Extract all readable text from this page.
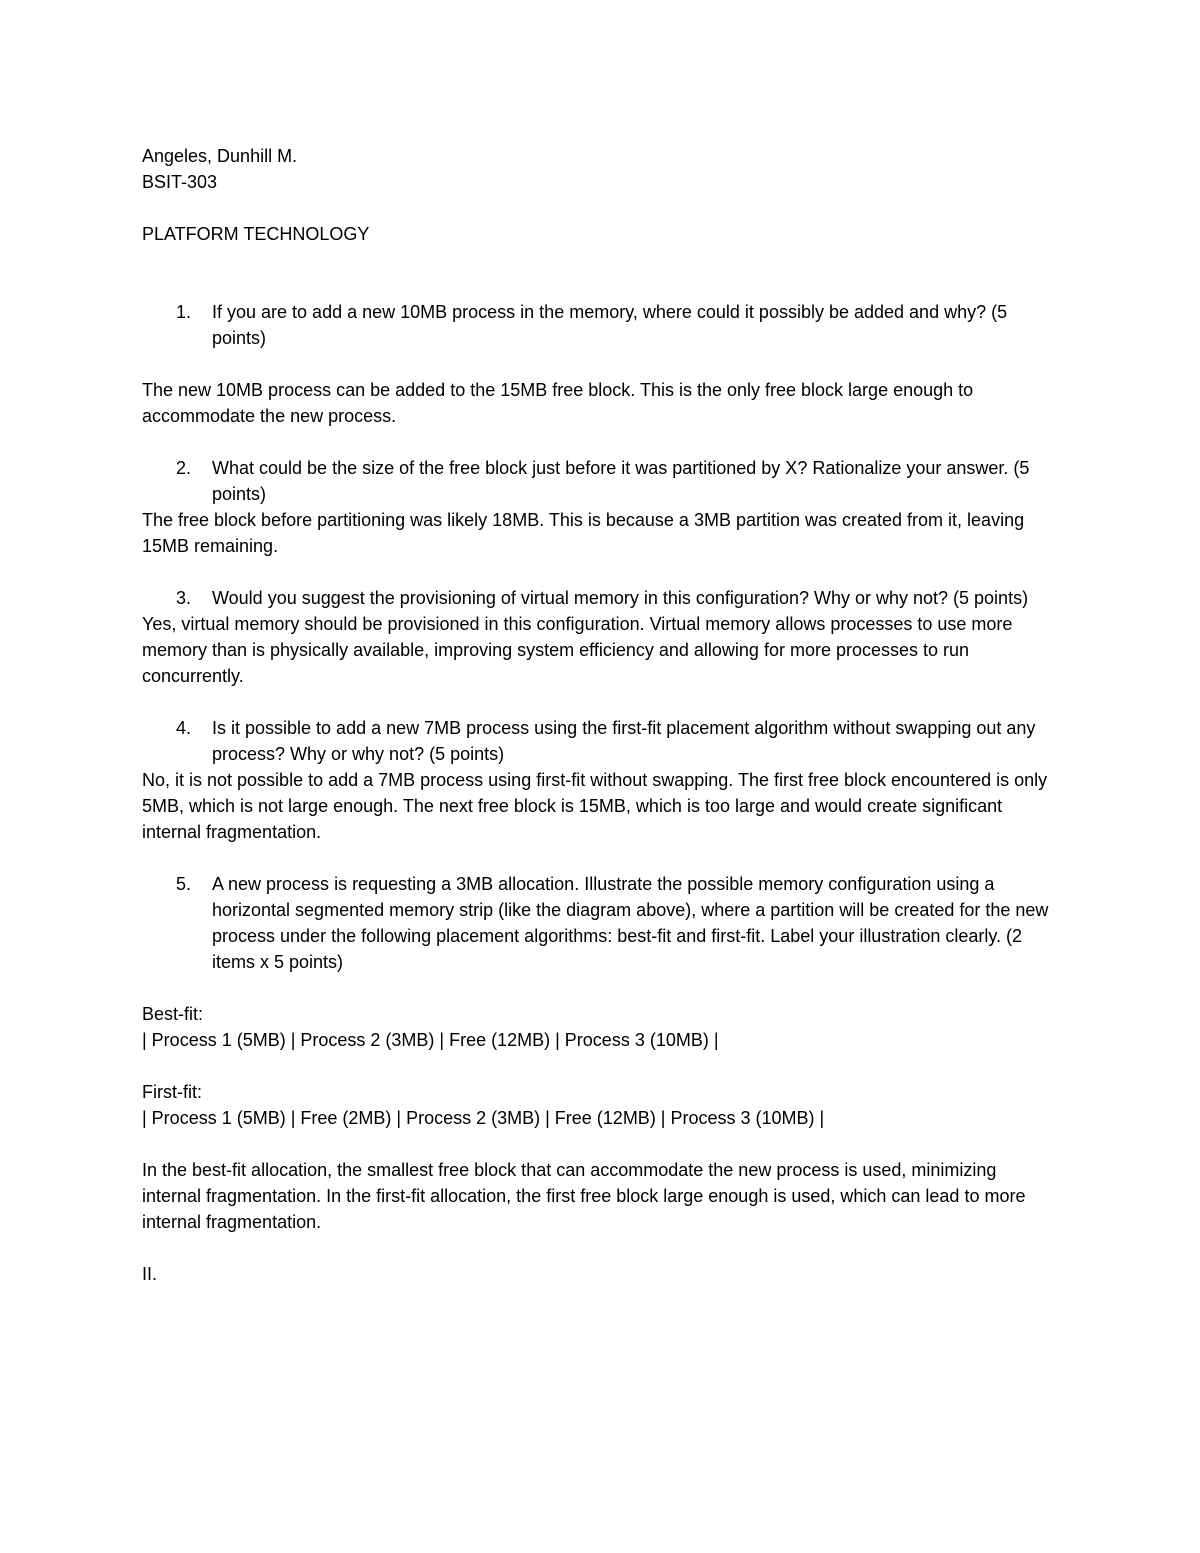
Angeles, Dunhill M.

BSIT-303

PLATFORM TECHNOLOGY

1.	If you are to add a new 10MB process in the memory, where could it possibly be added and why? (5 points)

The new 10MB process can be added to the 15MB free block. This is the only free block large enough to accommodate the new process.

2.	What could be the size of the free block just before it was partitioned by X? Rationalize your answer. (5 points)

The free block before partitioning was likely 18MB. This is because a 3MB partition was created from it, leaving 15MB remaining.

3.	Would you suggest the provisioning of virtual memory in this configuration? Why or why not? (5 points)

Yes, virtual memory should be provisioned in this configuration. Virtual memory allows processes to use more memory than is physically available, improving system efficiency and allowing for more processes to run concurrently.

4.	Is it possible to add a new 7MB process using the first-fit placement algorithm without swapping out any process? Why or why not? (5 points)

No, it is not possible to add a 7MB process using first-fit without swapping. The first free block encountered is only 5MB, which is not large enough. The next free block is 15MB, which is too large and would create significant internal fragmentation.

5.	A new process is requesting a 3MB allocation. Illustrate the possible memory configuration using a horizontal segmented memory strip (like the diagram above), where a partition will be created for the new process under the following placement algorithms: best-fit and first-fit. Label your illustration clearly. (2 items x 5 points)

Best-fit:

| Process 1 (5MB) | Process 2 (3MB) | Free (12MB) | Process 3 (10MB) |

First-fit:

| Process 1 (5MB) | Free (2MB) | Process 2 (3MB) | Free (12MB) | Process 3 (10MB) |

In the best-fit allocation, the smallest free block that can accommodate the new process is used, minimizing internal fragmentation. In the first-fit allocation, the first free block large enough is used, which can lead to more internal fragmentation.

II.
